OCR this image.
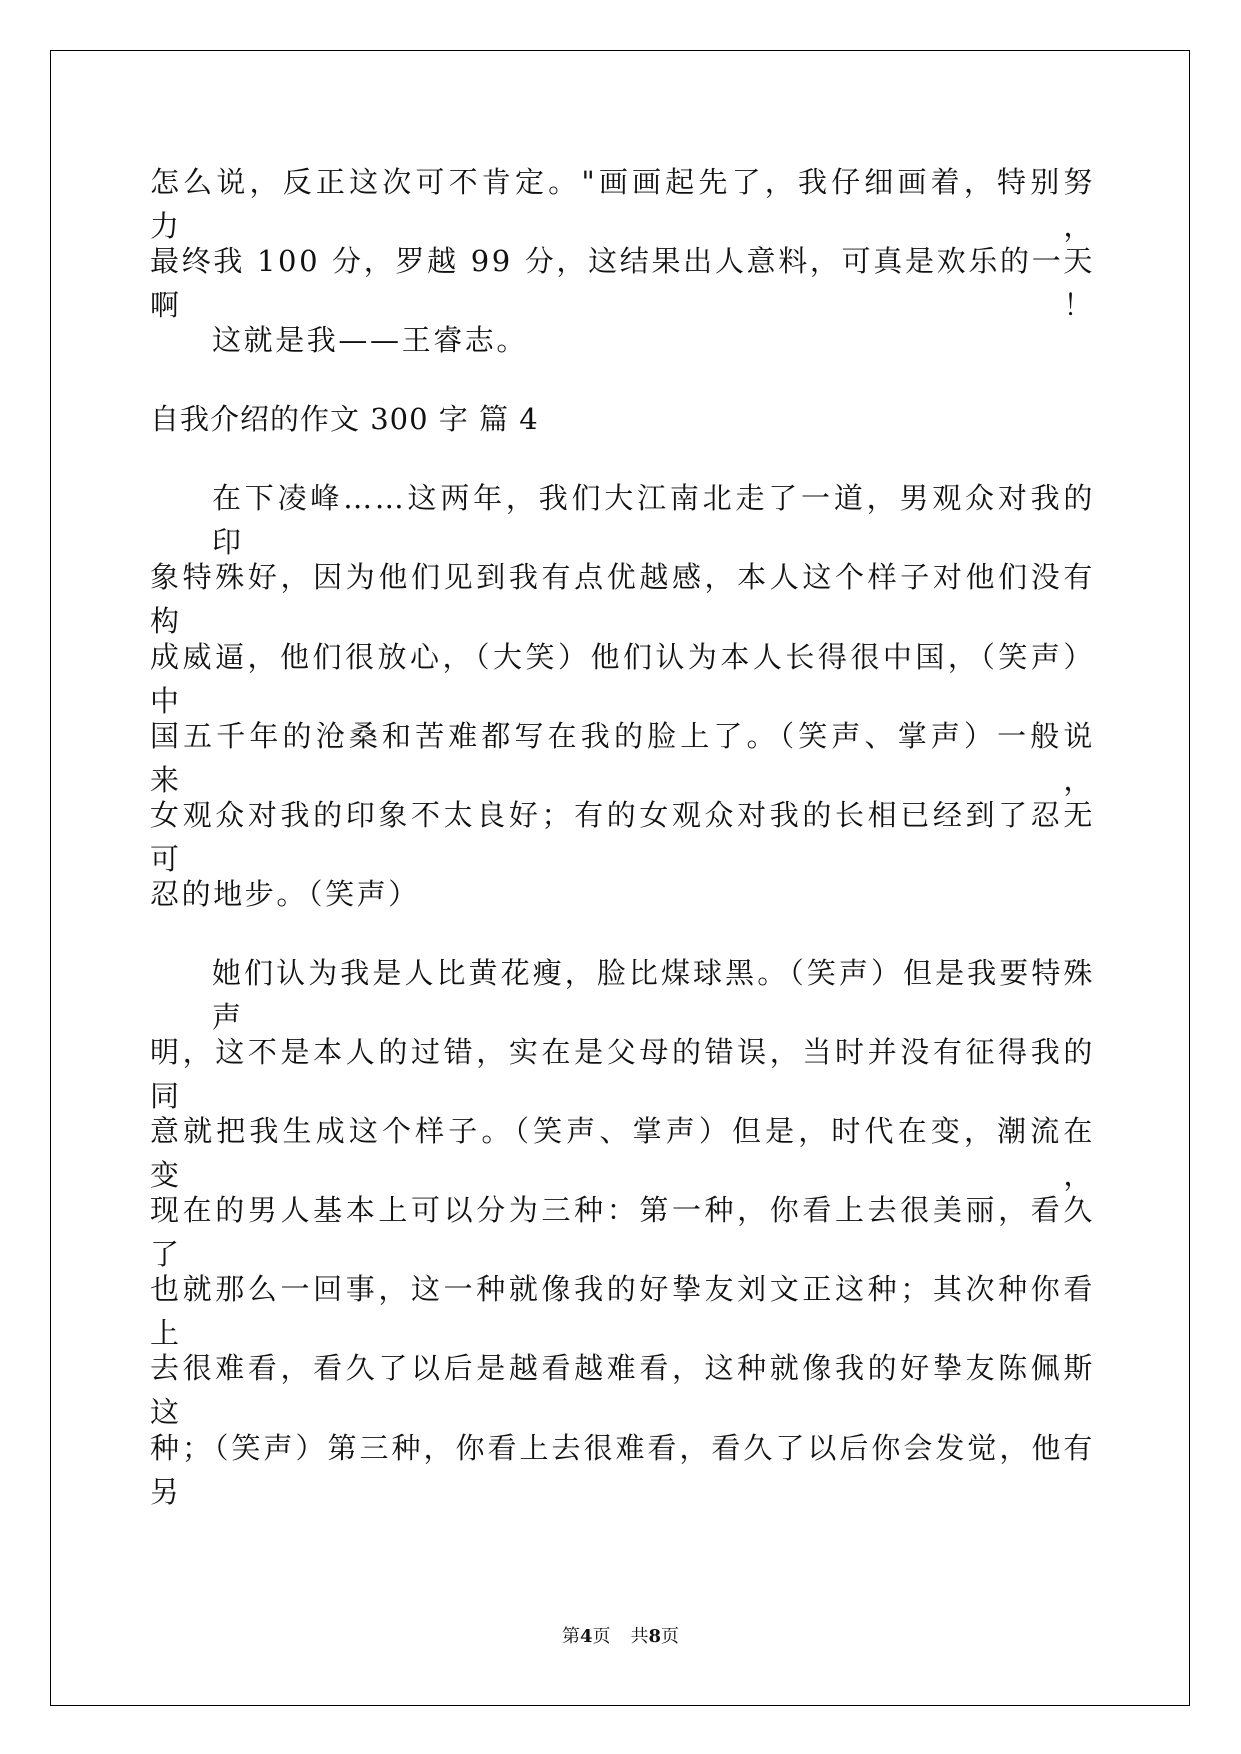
怎么说，反正这次可不肯定。"画画起先了，我仔细画着，特别努力，
最终我 100 分，罗越 99 分，这结果出人意料，可真是欢乐的一天啊！
这就是我——王睿志。
自我介绍的作文 300 字 篇 4
在下凌峰……这两年，我们大江南北走了一道，男观众对我的印
象特殊好，因为他们见到我有点优越感，本人这个样子对他们没有构
成威逼，他们很放心，（大笑）他们认为本人长得很中国，（笑声）中
国五千年的沧桑和苦难都写在我的脸上了。（笑声、掌声）一般说来，
女观众对我的印象不太良好；有的女观众对我的长相已经到了忍无可
忍的地步。（笑声）
她们认为我是人比黄花瘦，脸比煤球黑。（笑声）但是我要特殊声
明，这不是本人的过错，实在是父母的错误，当时并没有征得我的同
意就把我生成这个样子。（笑声、掌声）但是，时代在变，潮流在变，
现在的男人基本上可以分为三种：第一种，你看上去很美丽，看久了
也就那么一回事，这一种就像我的好挚友刘文正这种；其次种你看上
去很难看，看久了以后是越看越难看，这种就像我的好挚友陈佩斯这
种；（笑声）第三种，你看上去很难看，看久了以后你会发觉，他有另
第4页 共8页
